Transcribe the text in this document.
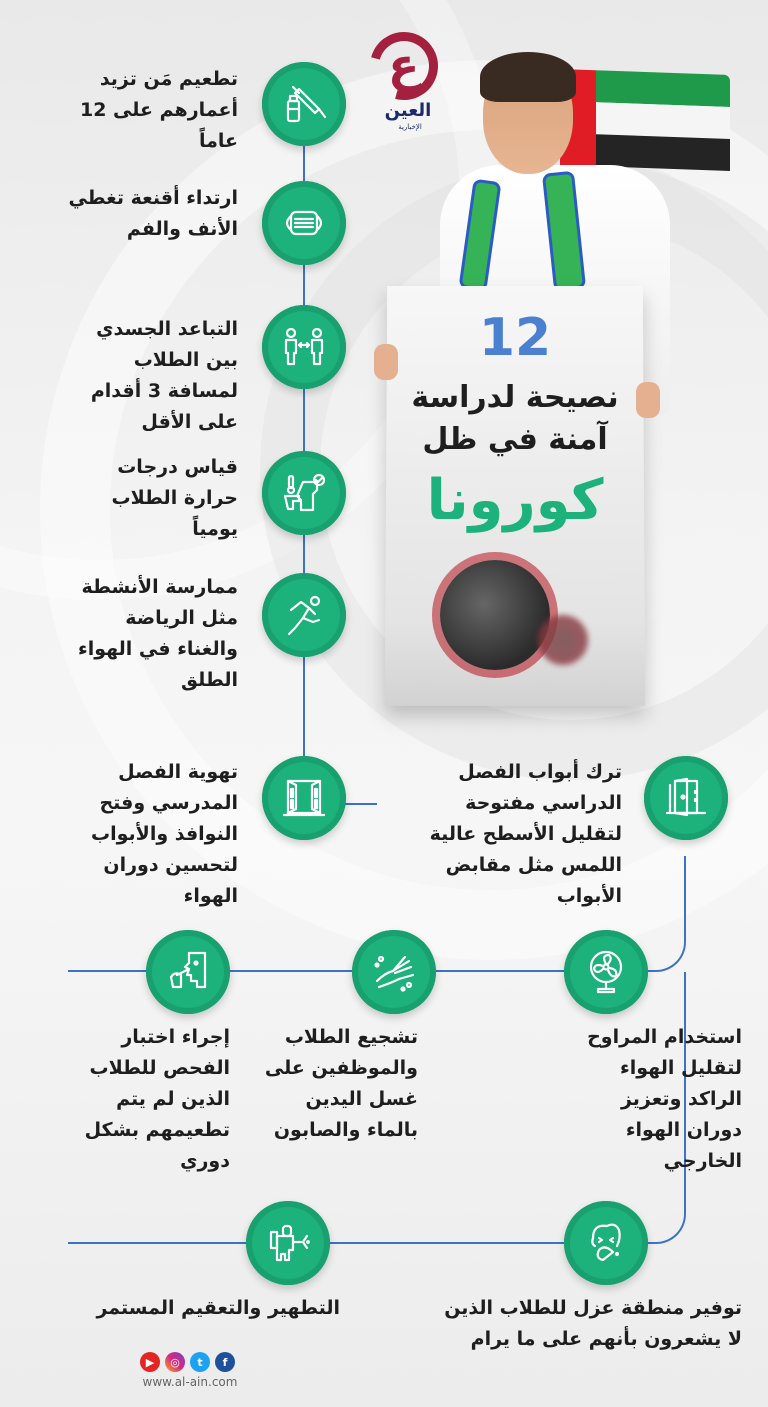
ع
العين
الإخبارية
12
نصيحة لدراسة
آمنة في ظل
كورونا
تطعيم مَن تزيد أعمارهم على 12 عاماً
ارتداء أقنعة تغطي الأنف والفم
التباعد الجسدي بين الطلاب لمسافة 3 أقدام على الأقل
قياس درجات حرارة الطلاب يومياً
ممارسة الأنشطة مثل الرياضة والغناء في الهواء الطلق
تهوية الفصل المدرسي وفتح النوافذ والأبواب لتحسين دوران الهواء
ترك أبواب الفصل الدراسي مفتوحة لتقليل الأسطح عالية اللمس مثل مقابض الأبواب
استخدام المراوح لتقليل الهواء الراكد وتعزيز دوران الهواء الخارجي
تشجيع الطلاب والموظفين على غسل اليدين بالماء والصابون
إجراء اختبار الفحص للطلاب الذين لم يتم تطعيمهم بشكل دوري
توفير منطقة عزل للطلاب الذين لا يشعرون بأنهم على ما يرام
التطهير والتعقيم المستمر
▶	◎	t	f
www.al-ain.com
